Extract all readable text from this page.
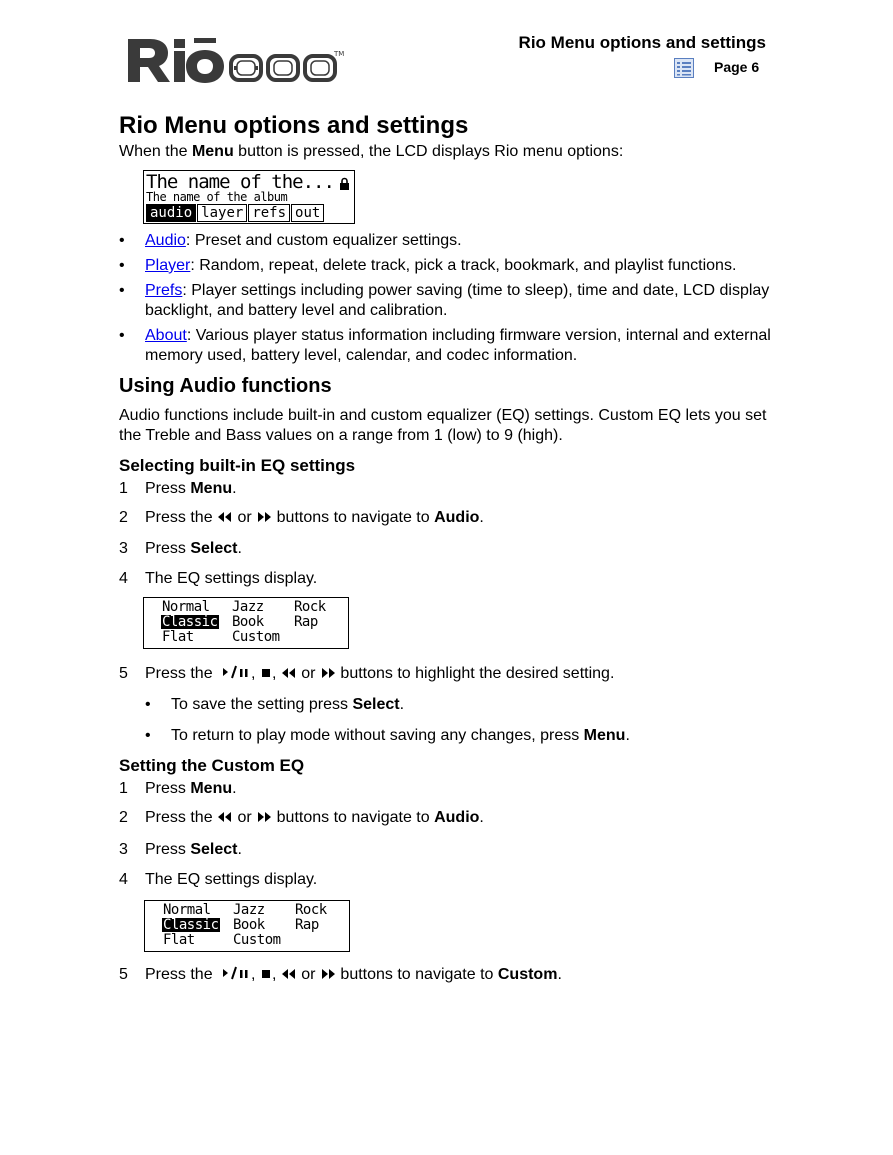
TM
Rio Menu options and settings
Page 6
Rio Menu options and settings
When the Menu button is pressed, the LCD displays Rio menu options:
The name of the...
The name of the album
audio layer refs out
• Audio: Preset and custom equalizer settings.
• Player: Random, repeat, delete track, pick a track, bookmark, and playlist functions.
• Prefs: Player settings including power saving (time to sleep), time and date, LCD display backlight, and battery level and calibration.
• About: Various player status information including firmware version, internal and external memory used, battery level, calendar, and codec information.
Using Audio functions
Audio functions include built-in and custom equalizer (EQ) settings. Custom EQ lets you set the Treble and Bass values on a range from 1 (low) to 9 (high).
Selecting built-in EQ settings
1 Press Menu.
2 Press the or buttons to navigate to Audio.
3 Press Select.
4 The EQ settings display.
Normal Jazz Rock
Classic Book Rap
Flat	Custom
5 Press the , ,  or buttons to highlight the desired setting.
• To save the setting press Select.
• To return to play mode without saving any changes, press Menu.
Setting the Custom EQ
1 Press Menu.
2 Press the or buttons to navigate to Audio.
3 Press Select.
4 The EQ settings display.
Normal Jazz Rock
Classic Book Rap
Flat	Custom
5 Press the , ,  or buttons to navigate to Custom.
